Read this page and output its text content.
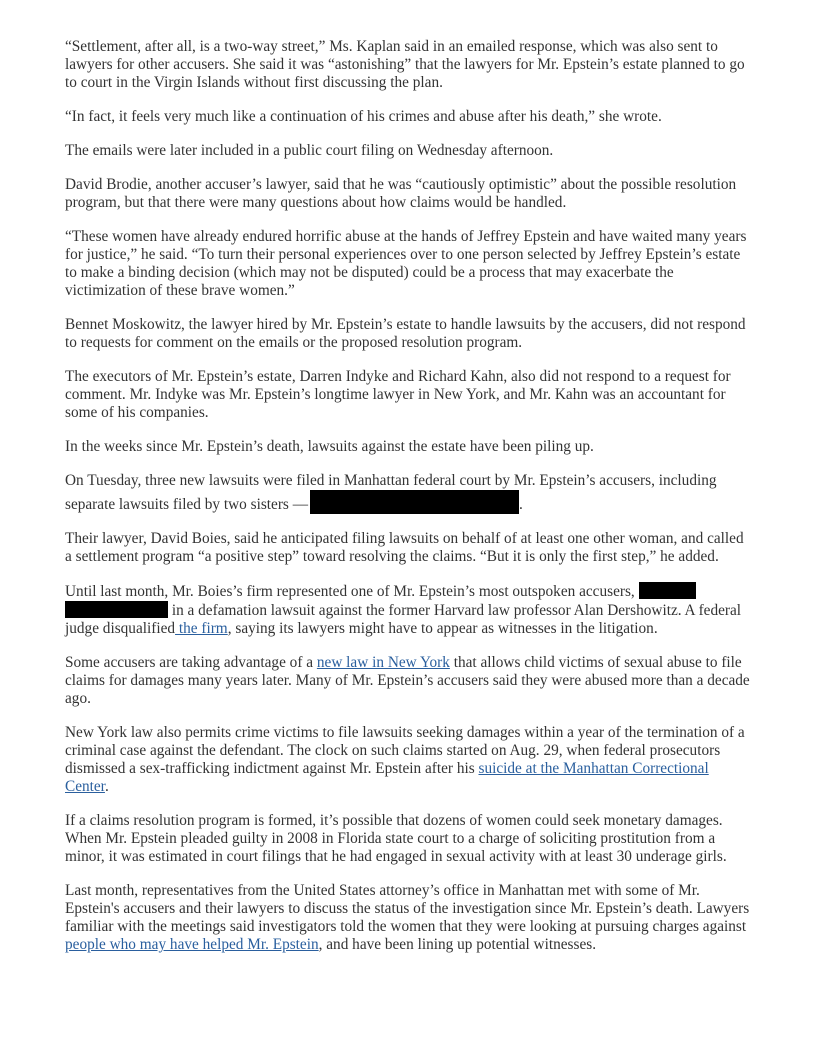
“Settlement, after all, is a two-way street,” Ms. Kaplan said in an emailed response, which was also sent to lawyers for other accusers. She said it was “astonishing” that the lawyers for Mr. Epstein’s estate planned to go to court in the Virgin Islands without first discussing the plan.

“In fact, it feels very much like a continuation of his crimes and abuse after his death,” she wrote.

The emails were later included in a public court filing on Wednesday afternoon.

David Brodie, another accuser’s lawyer, said that he was “cautiously optimistic” about the possible resolution program, but that there were many questions about how claims would be handled.

“These women have already endured horrific abuse at the hands of Jeffrey Epstein and have waited many years for justice,” he said. “To turn their personal experiences over to one person selected by Jeffrey Epstein’s estate to make a binding decision (which may not be disputed) could be a process that may exacerbate the victimization of these brave women.”

Bennet Moskowitz, the lawyer hired by Mr. Epstein’s estate to handle lawsuits by the accusers, did not respond to requests for comment on the emails or the proposed resolution program.

The executors of Mr. Epstein’s estate, Darren Indyke and Richard Kahn, also did not respond to a request for comment. Mr. Indyke was Mr. Epstein’s longtime lawyer in New York, and Mr. Kahn was an accountant for some of his companies.

In the weeks since Mr. Epstein’s death, lawsuits against the estate have been piling up.

On Tuesday, three new lawsuits were filed in Manhattan federal court by Mr. Epstein’s accusers, including separate lawsuits filed by two sisters —	.

Their lawyer, David Boies, said he anticipated filing lawsuits on behalf of at least one other woman, and called a settlement program “a positive step” toward resolving the claims. “But it is only the first step,” he added.

Until last month, Mr. Boies’s firm represented one of Mr. Epstein’s most outspoken accusers,   in a defamation lawsuit against the former Harvard law professor Alan Dershowitz. A federal judge disqualified the firm, saying its lawyers might have to appear as witnesses in the litigation.

Some accusers are taking advantage of a new law in New York that allows child victims of sexual abuse to file claims for damages many years later. Many of Mr. Epstein’s accusers said they were abused more than a decade ago.

New York law also permits crime victims to file lawsuits seeking damages within a year of the termination of a criminal case against the defendant. The clock on such claims started on Aug. 29, when federal prosecutors dismissed a sex-trafficking indictment against Mr. Epstein after his suicide at the Manhattan Correctional Center.

If a claims resolution program is formed, it’s possible that dozens of women could seek monetary damages. When Mr. Epstein pleaded guilty in 2008 in Florida state court to a charge of soliciting prostitution from a minor, it was estimated in court filings that he had engaged in sexual activity with at least 30 underage girls.

Last month, representatives from the United States attorney’s office in Manhattan met with some of Mr. Epstein's accusers and their lawyers to discuss the status of the investigation since Mr. Epstein’s death. Lawyers familiar with the meetings said investigators told the women that they were looking at pursuing charges against people who may have helped Mr. Epstein, and have been lining up potential witnesses.
